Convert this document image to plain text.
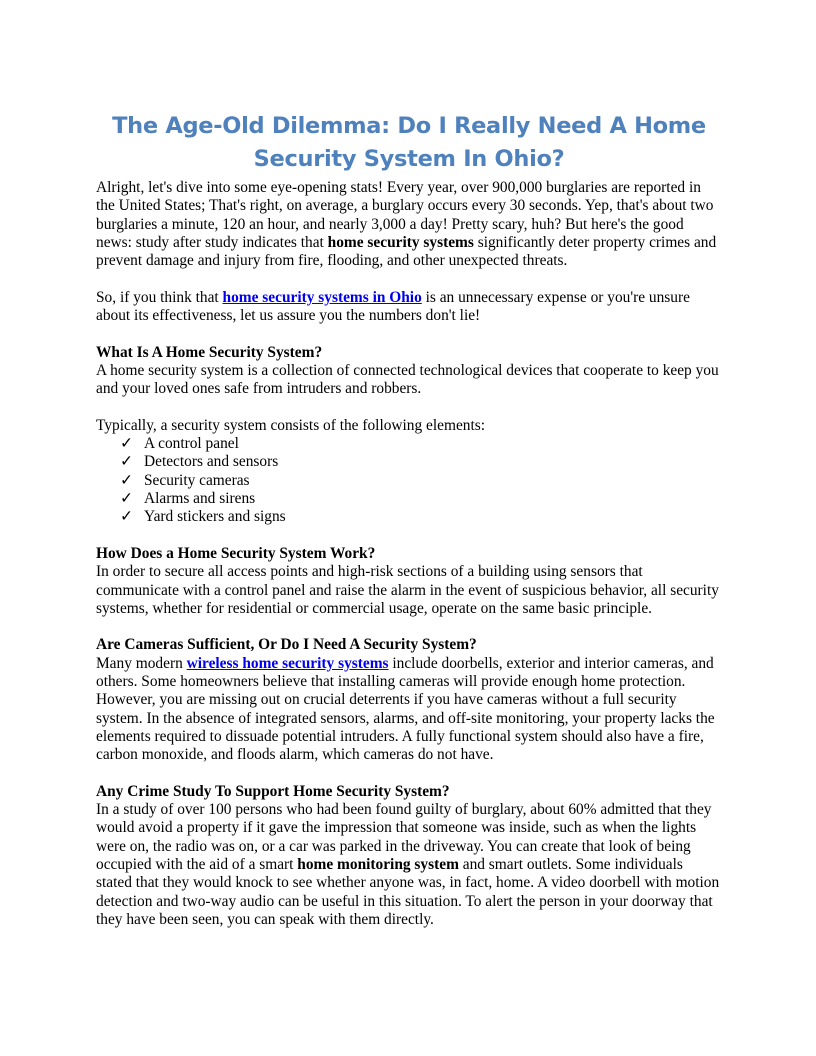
The Age-Old Dilemma: Do I Really Need A Home Security System In Ohio?

Alright, let's dive into some eye-opening stats! Every year, over 900,000 burglaries are reported in the United States; That's right, on average, a burglary occurs every 30 seconds. Yep, that's about two burglaries a minute, 120 an hour, and nearly 3,000 a day! Pretty scary, huh? But here's the good news: study after study indicates that home security systems significantly deter property crimes and prevent damage and injury from fire, flooding, and other unexpected threats.

So, if you think that home security systems in Ohio is an unnecessary expense or you're unsure about its effectiveness, let us assure you the numbers don't lie!

What Is A Home Security System?

A home security system is a collection of connected technological devices that cooperate to keep you and your loved ones safe from intruders and robbers.

Typically, a security system consists of the following elements:

✓ A control panel
✓ Detectors and sensors
✓ Security cameras
✓ Alarms and sirens
✓ Yard stickers and signs
How Does a Home Security System Work?

In order to secure all access points and high-risk sections of a building using sensors that communicate with a control panel and raise the alarm in the event of suspicious behavior, all security systems, whether for residential or commercial usage, operate on the same basic principle.

Are Cameras Sufficient, Or Do I Need A Security System?

Many modern wireless home security systems include doorbells, exterior and interior cameras, and others. Some homeowners believe that installing cameras will provide enough home protection. However, you are missing out on crucial deterrents if you have cameras without a full security system. In the absence of integrated sensors, alarms, and off-site monitoring, your property lacks the elements required to dissuade potential intruders. A fully functional system should also have a fire, carbon monoxide, and floods alarm, which cameras do not have.

Any Crime Study To Support Home Security System?

In a study of over 100 persons who had been found guilty of burglary, about 60% admitted that they would avoid a property if it gave the impression that someone was inside, such as when the lights were on, the radio was on, or a car was parked in the driveway. You can create that look of being occupied with the aid of a smart home monitoring system and smart outlets. Some individuals stated that they would knock to see whether anyone was, in fact, home. A video doorbell with motion detection and two-way audio can be useful in this situation. To alert the person in your doorway that they have been seen, you can speak with them directly.
